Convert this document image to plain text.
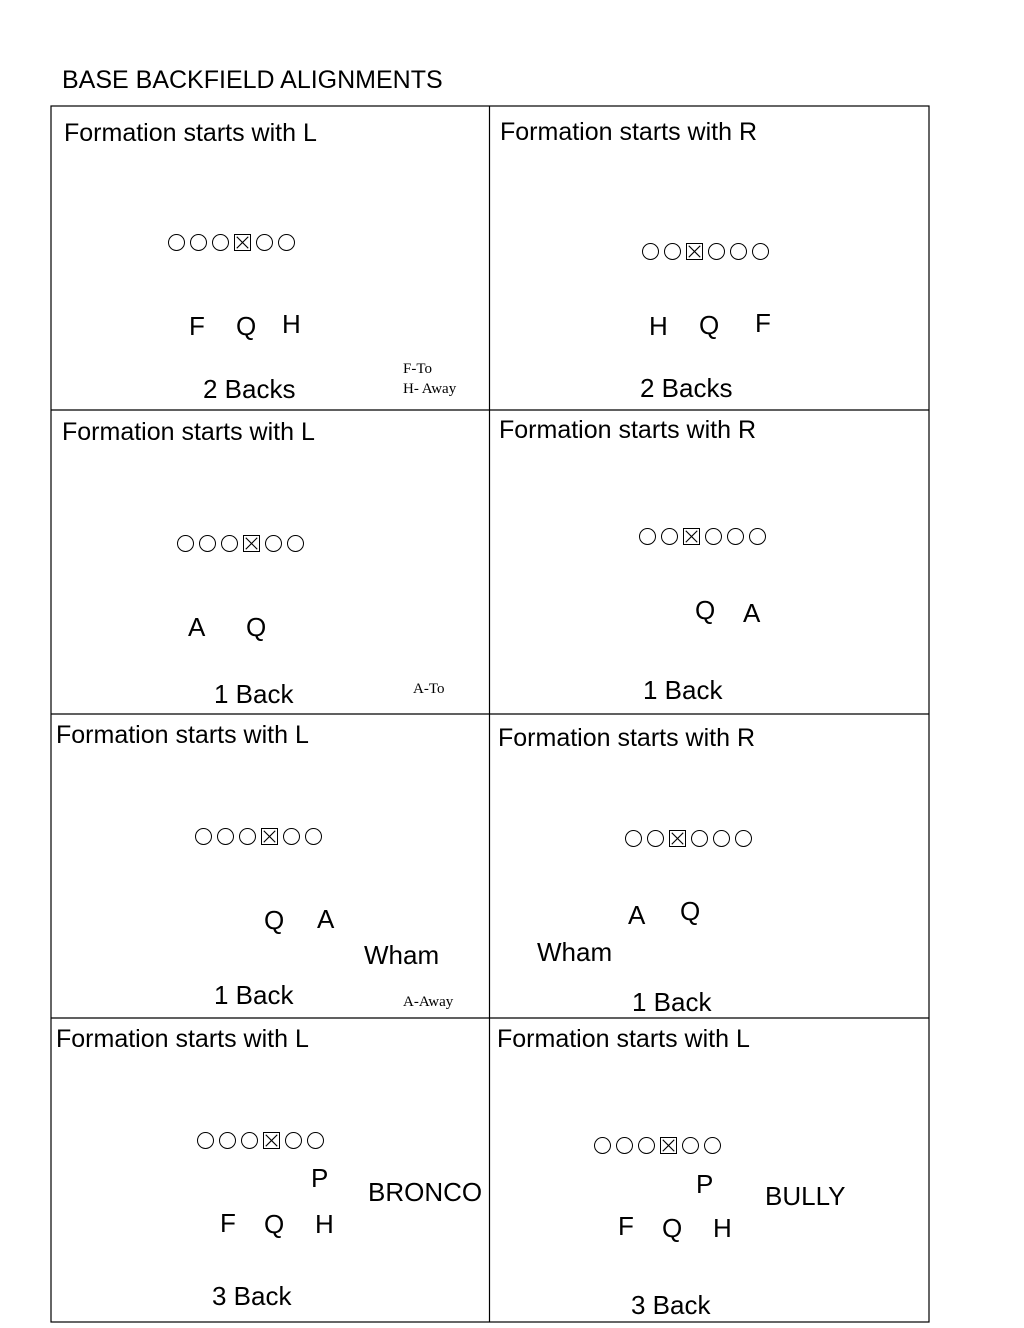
BASE BACKFIELD ALIGNMENTS
Formation starts with L
F Q H
F-To
H- Away
2 Backs
Formation starts with R
H Q F
2 Backs
Formation starts with L
A Q
A-To
1 Back
Formation starts with R
Q A
1 Back
Formation starts with L
Q A
Wham
A-Away
1 Back
Formation starts with R
A Q
Wham
1 Back
Formation starts with L
P
F Q H
BRONCO
3 Back
Formation starts with L
P
F Q H
BULLY
3 Back
